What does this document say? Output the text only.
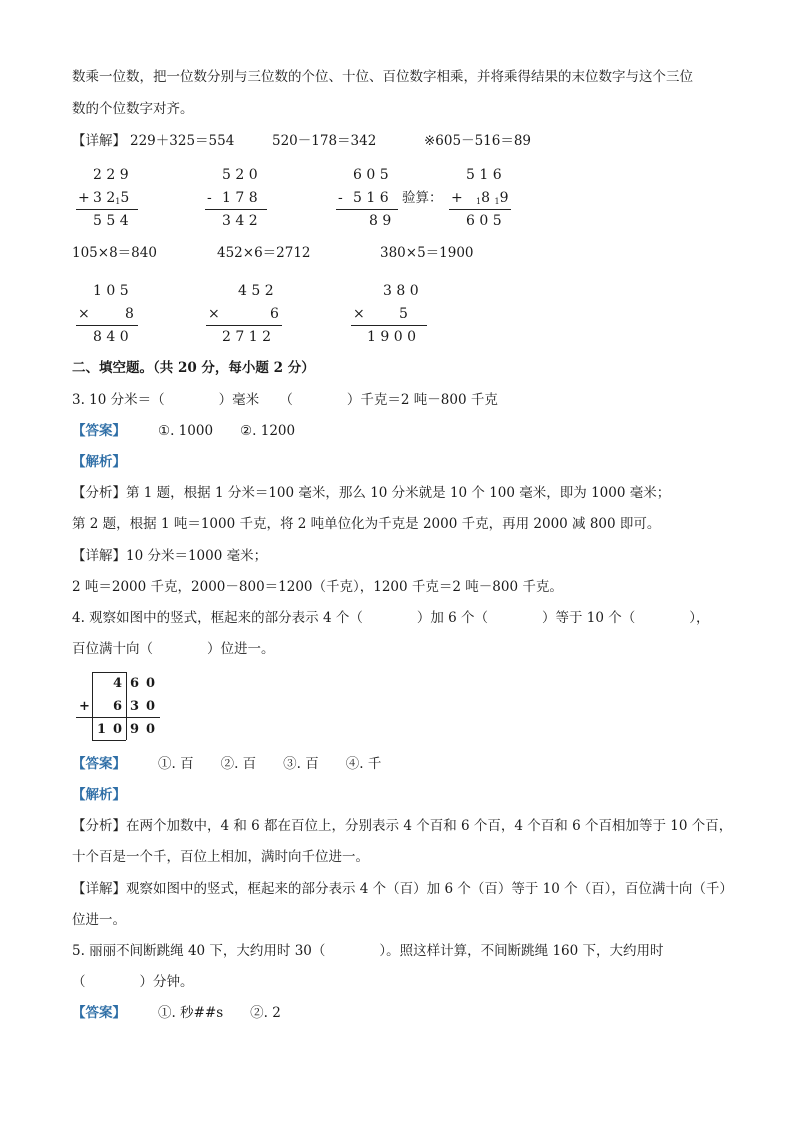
数乘一位数，把一位数分别与三位数的个位、十位、百位数字相乘，并将乘得结果的末位数字与这个三位
数的个位数字对齐。
【详解】 229＋325＝554	520－178＝342	※605－516＝89
2 2 9
+ 3 $2_15$
5 5 4
5 2 0
- 1 7 8
3 4 2
6 0 5
- 5 1 6 验算：
8 9
5 1 6
+ $_1$8 $_1$9
6 0 5
105×8＝840	452×6＝2712	380×5＝1900
1 0 5
×	8
8 4 0
4 5 2
×	6
2 7 1 2
3 8 0
× 5
1 9 0 0
二、填空题。（共 20 分，每小题 2 分）
3. 10 分米＝（　　　　）毫米　　（　　　　）千克＝2 吨－800 千克
【答案】 ①. 1000　　②. 1200
【解析】
【分析】第 1 题，根据 1 分米＝100 毫米，那么 10 分米就是 10 个 100 毫米，即为 1000 毫米；
第 2 题，根据 1 吨＝1000 千克，将 2 吨单位化为千克是 2000 千克，再用 2000 减 800 即可。
【详解】10 分米＝1000 毫米；
2 吨＝2000 千克，2000－800＝1200（千克），1200 千克＝2 吨－800 千克。
4. 观察如图中的竖式，框起来的部分表示 4 个（　　　　）加 6 个（　　　　）等于 10 个（　　　　），
百位满十向（　　　　）位进一。
4 6 0
+ 6 3 0
1 0 9 0
【答案】 ①. 百　　②. 百　　③. 百　　④. 千
【解析】
【分析】在两个加数中，4 和 6 都在百位上，分别表示 4 个百和 6 个百，4 个百和 6 个百相加等于 10 个百，
十个百是一个千，百位上相加，满时向千位进一。
【详解】观察如图中的竖式，框起来的部分表示 4 个（百）加 6 个（百）等于 10 个（百），百位满十向（千）
位进一。
5. 丽丽不间断跳绳 40 下，大约用时 30（　　　　）。照这样计算，不间断跳绳 160 下，大约用时
（　　　　）分钟。
【答案】 ①. 秒##s　　②. 2
